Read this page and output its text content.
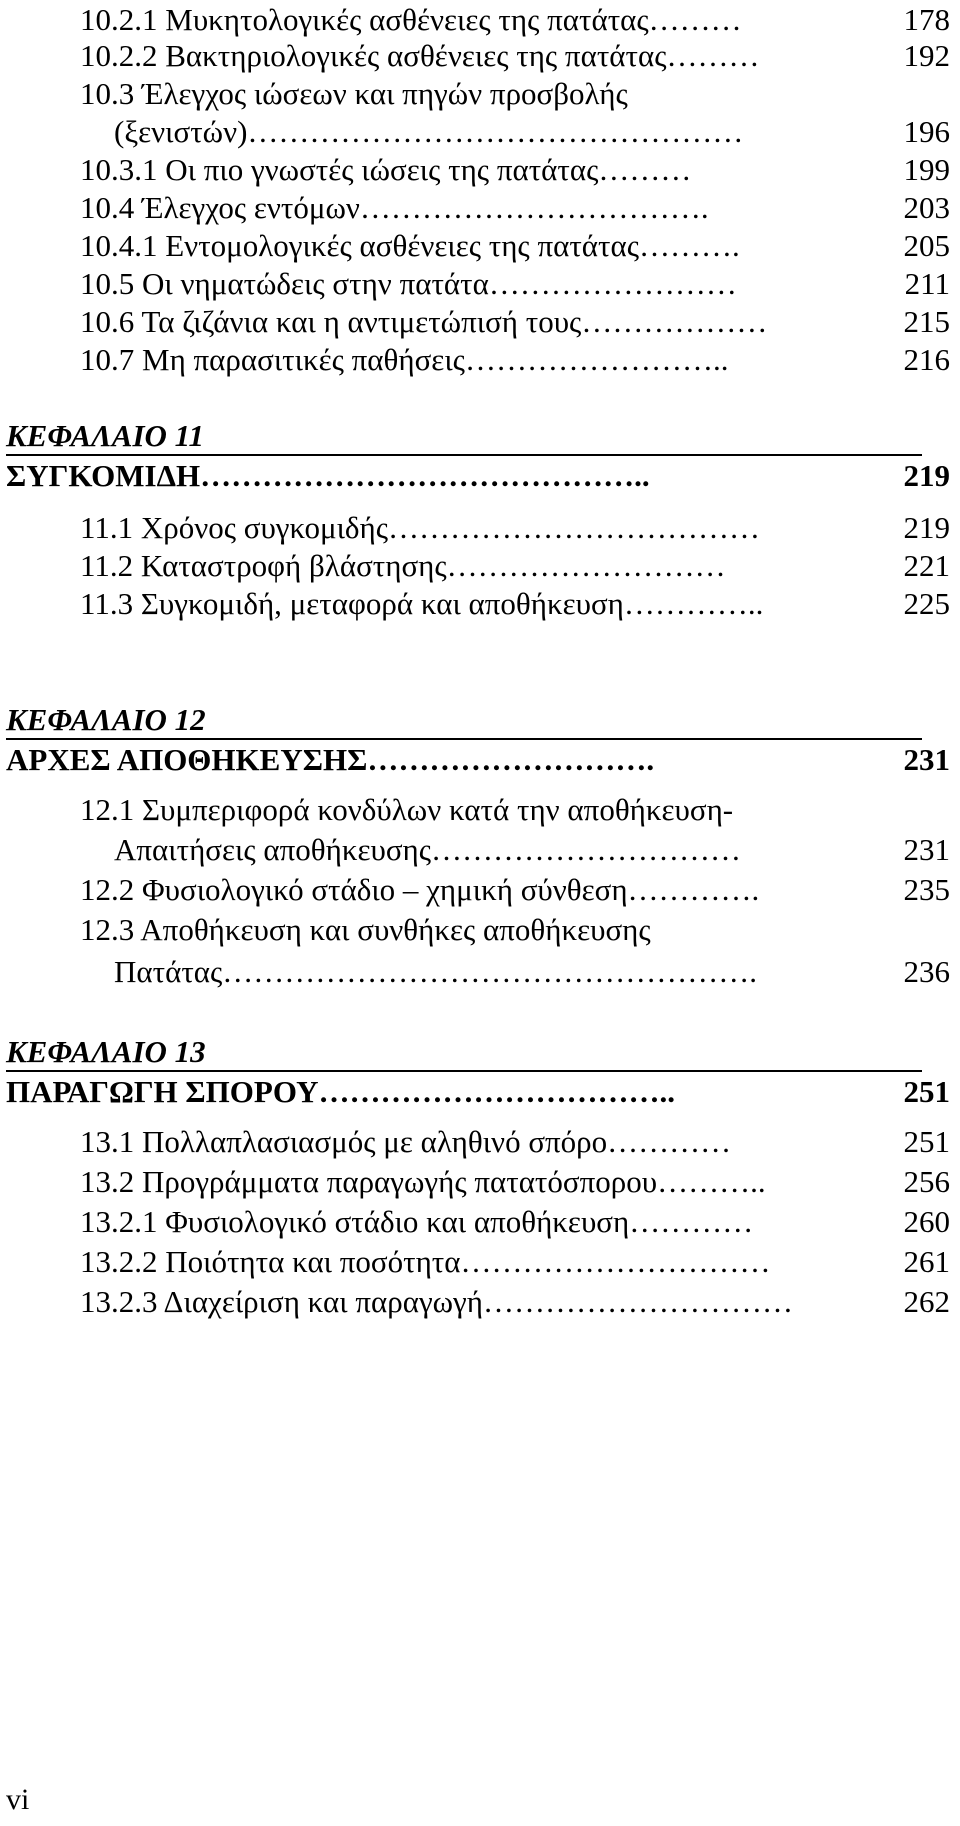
10.2.1 Μυκητολογικές ασθένειες της πατάτας………	178
10.2.2 Βακτηριολογικές ασθένειες της πατάτας………	192
10.3 Έλεγχος ιώσεων και πηγών προσβολής
(ξενιστών)…………………………………………	196
10.3.1 Οι πιο γνωστές ιώσεις της πατάτας………	199
10.4 Έλεγχος εντόμων…………………………….	203
10.4.1 Εντομολογικές ασθένειες της πατάτας……….	205
10.5 Οι νηματώδεις στην πατάτα……………………	211
10.6 Τα ζιζάνια και η αντιμετώπισή τους………………	215
10.7 Μη παρασιτικές παθήσεις……………………..	216
ΚΕΦΑΛΑΙΟ 11
ΣΥΓΚΟΜΙΔΗ……………………………………..	219
11.1 Χρόνος συγκομιδής………………………………	219
11.2 Καταστροφή βλάστησης………………………	221
11.3 Συγκομιδή, μεταφορά και αποθήκευση…………..	225
ΚΕΦΑΛΑΙΟ 12
ΑΡΧΕΣ ΑΠΟΘΗΚΕΥΣΗΣ……………………….	231
12.1 Συμπεριφορά κονδύλων κατά την αποθήκευση-
Απαιτήσεις αποθήκευσης…………………………	231
12.2 Φυσιολογικό στάδιο – χημική σύνθεση………….	235
12.3 Αποθήκευση και συνθήκες αποθήκευσης
Πατάτας…………………………………………….	236
ΚΕΦΑΛΑΙΟ 13
ΠΑΡΑΓΩΓΗ ΣΠΟΡΟΥ……………………………..	251
13.1 Πολλαπλασιασμός με αληθινό σπόρο…………	251
13.2 Προγράμματα παραγωγής πατατόσπορου………..	256
13.2.1 Φυσιολογικό στάδιο και αποθήκευση…………	260
13.2.2 Ποιότητα και ποσότητα…………………………	261
13.2.3 Διαχείριση και παραγωγή…………………………	262
vi
